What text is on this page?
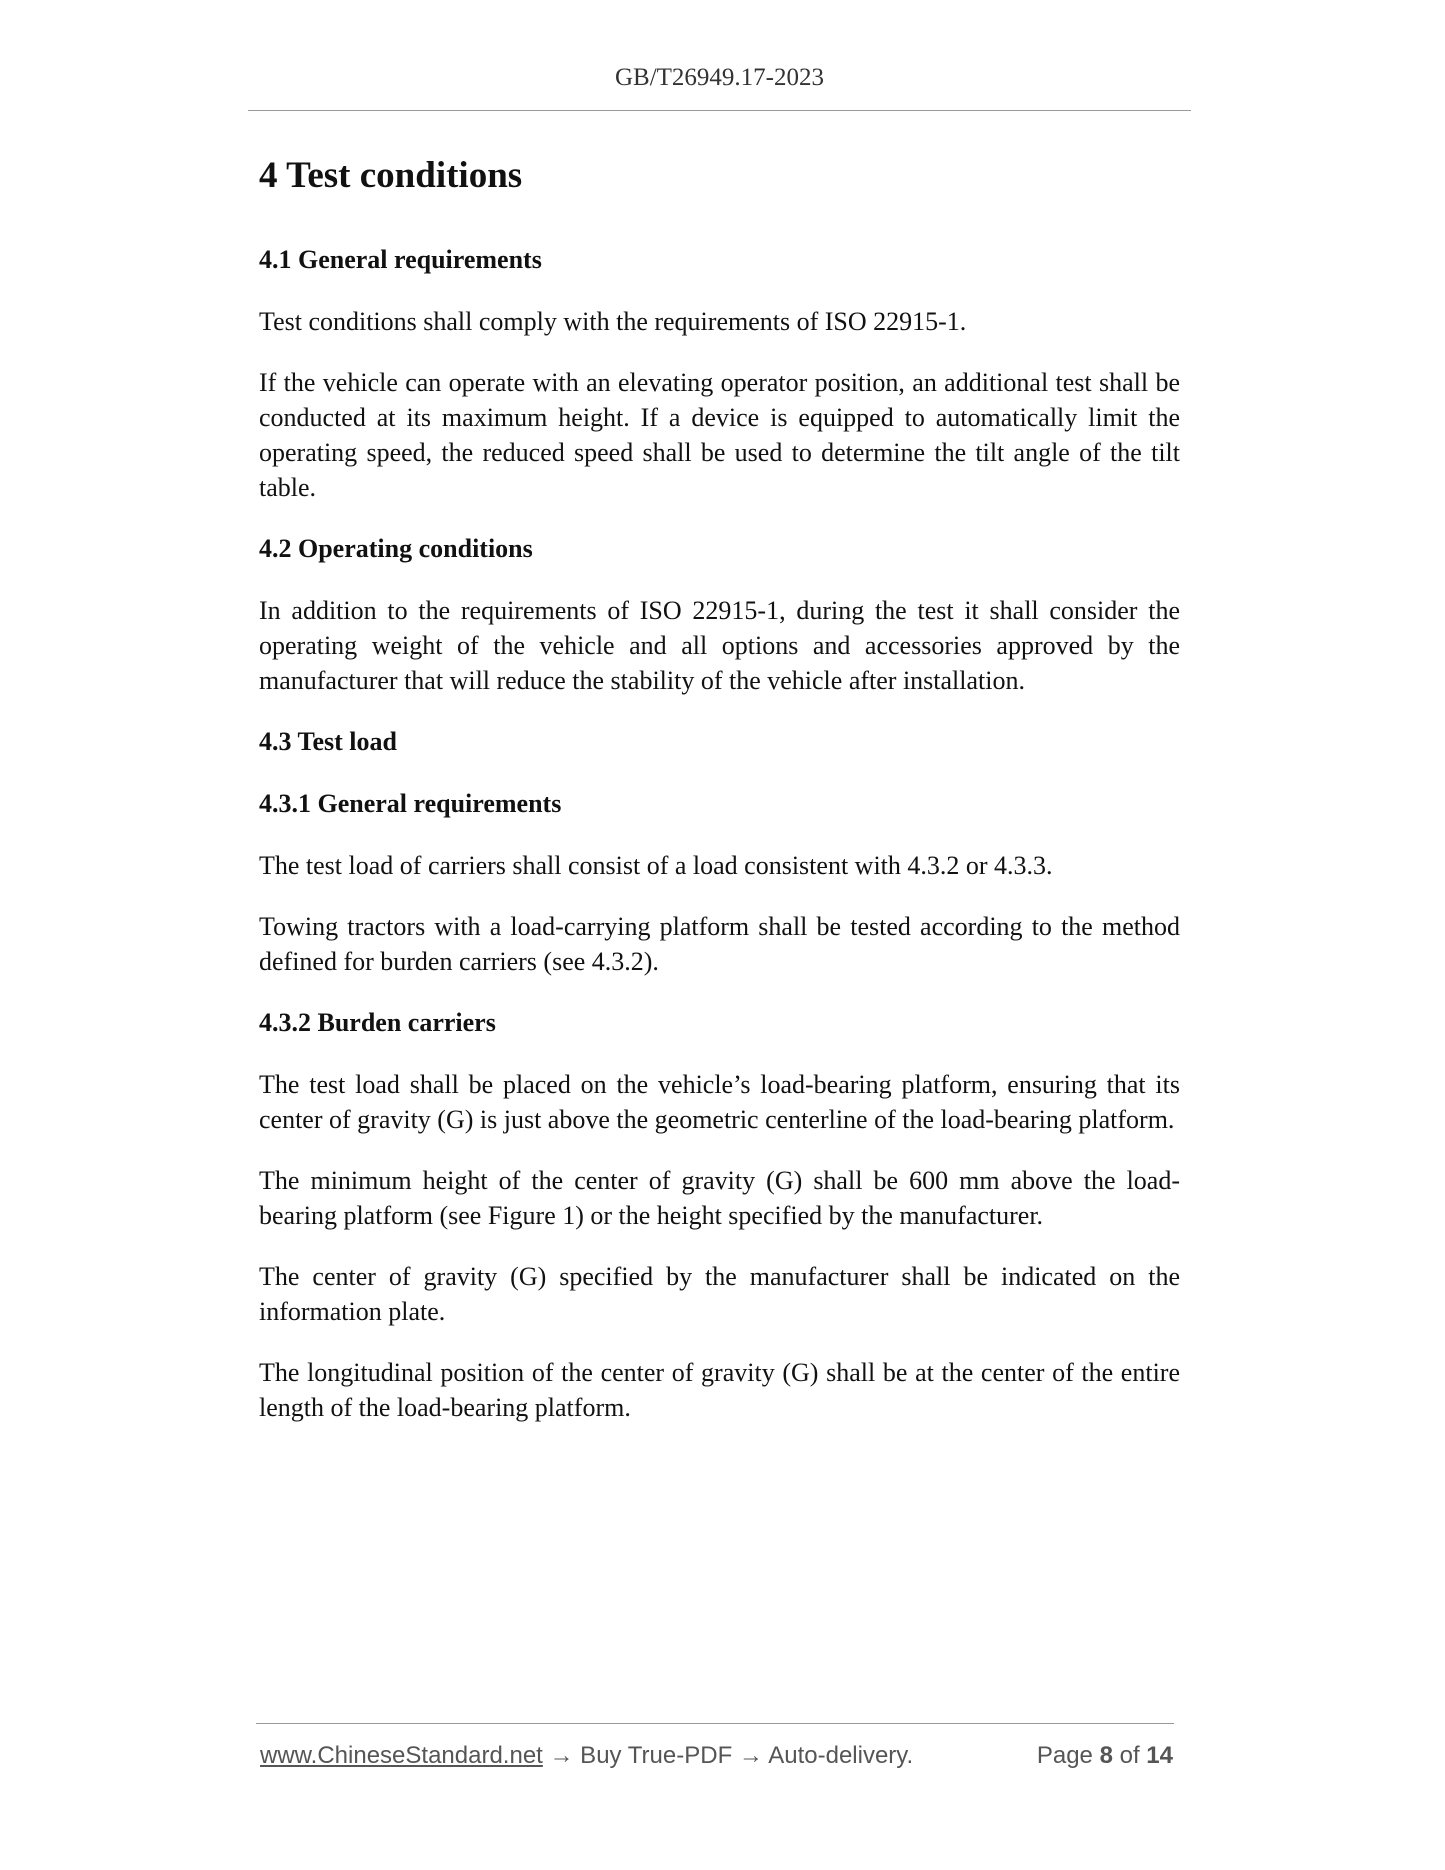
GB/T26949.17-2023
4 Test conditions
4.1 General requirements

Test conditions shall comply with the requirements of ISO 22915-1.

If the vehicle can operate with an elevating operator position, an additional test shall be conducted at its maximum height. If a device is equipped to automatically limit the operating speed, the reduced speed shall be used to determine the tilt angle of the tilt table.

4.2 Operating conditions

In addition to the requirements of ISO 22915-1, during the test it shall consider the operating weight of the vehicle and all options and accessories approved by the manufacturer that will reduce the stability of the vehicle after installation.

4.3 Test load
4.3.1 General requirements

The test load of carriers shall consist of a load consistent with 4.3.2 or 4.3.3.

Towing tractors with a load-carrying platform shall be tested according to the method defined for burden carriers (see 4.3.2).

4.3.2 Burden carriers

The test load shall be placed on the vehicle’s load-bearing platform, ensuring that its center of gravity (G) is just above the geometric centerline of the load-bearing platform.

The minimum height of the center of gravity (G) shall be 600 mm above the load-bearing platform (see Figure 1) or the height specified by the manufacturer.

The center of gravity (G) specified by the manufacturer shall be indicated on the information plate.

The longitudinal position of the center of gravity (G) shall be at the center of the entire length of the load-bearing platform.

www.ChineseStandard.net → Buy True-PDF → Auto-delivery.	Page 8 of 14
